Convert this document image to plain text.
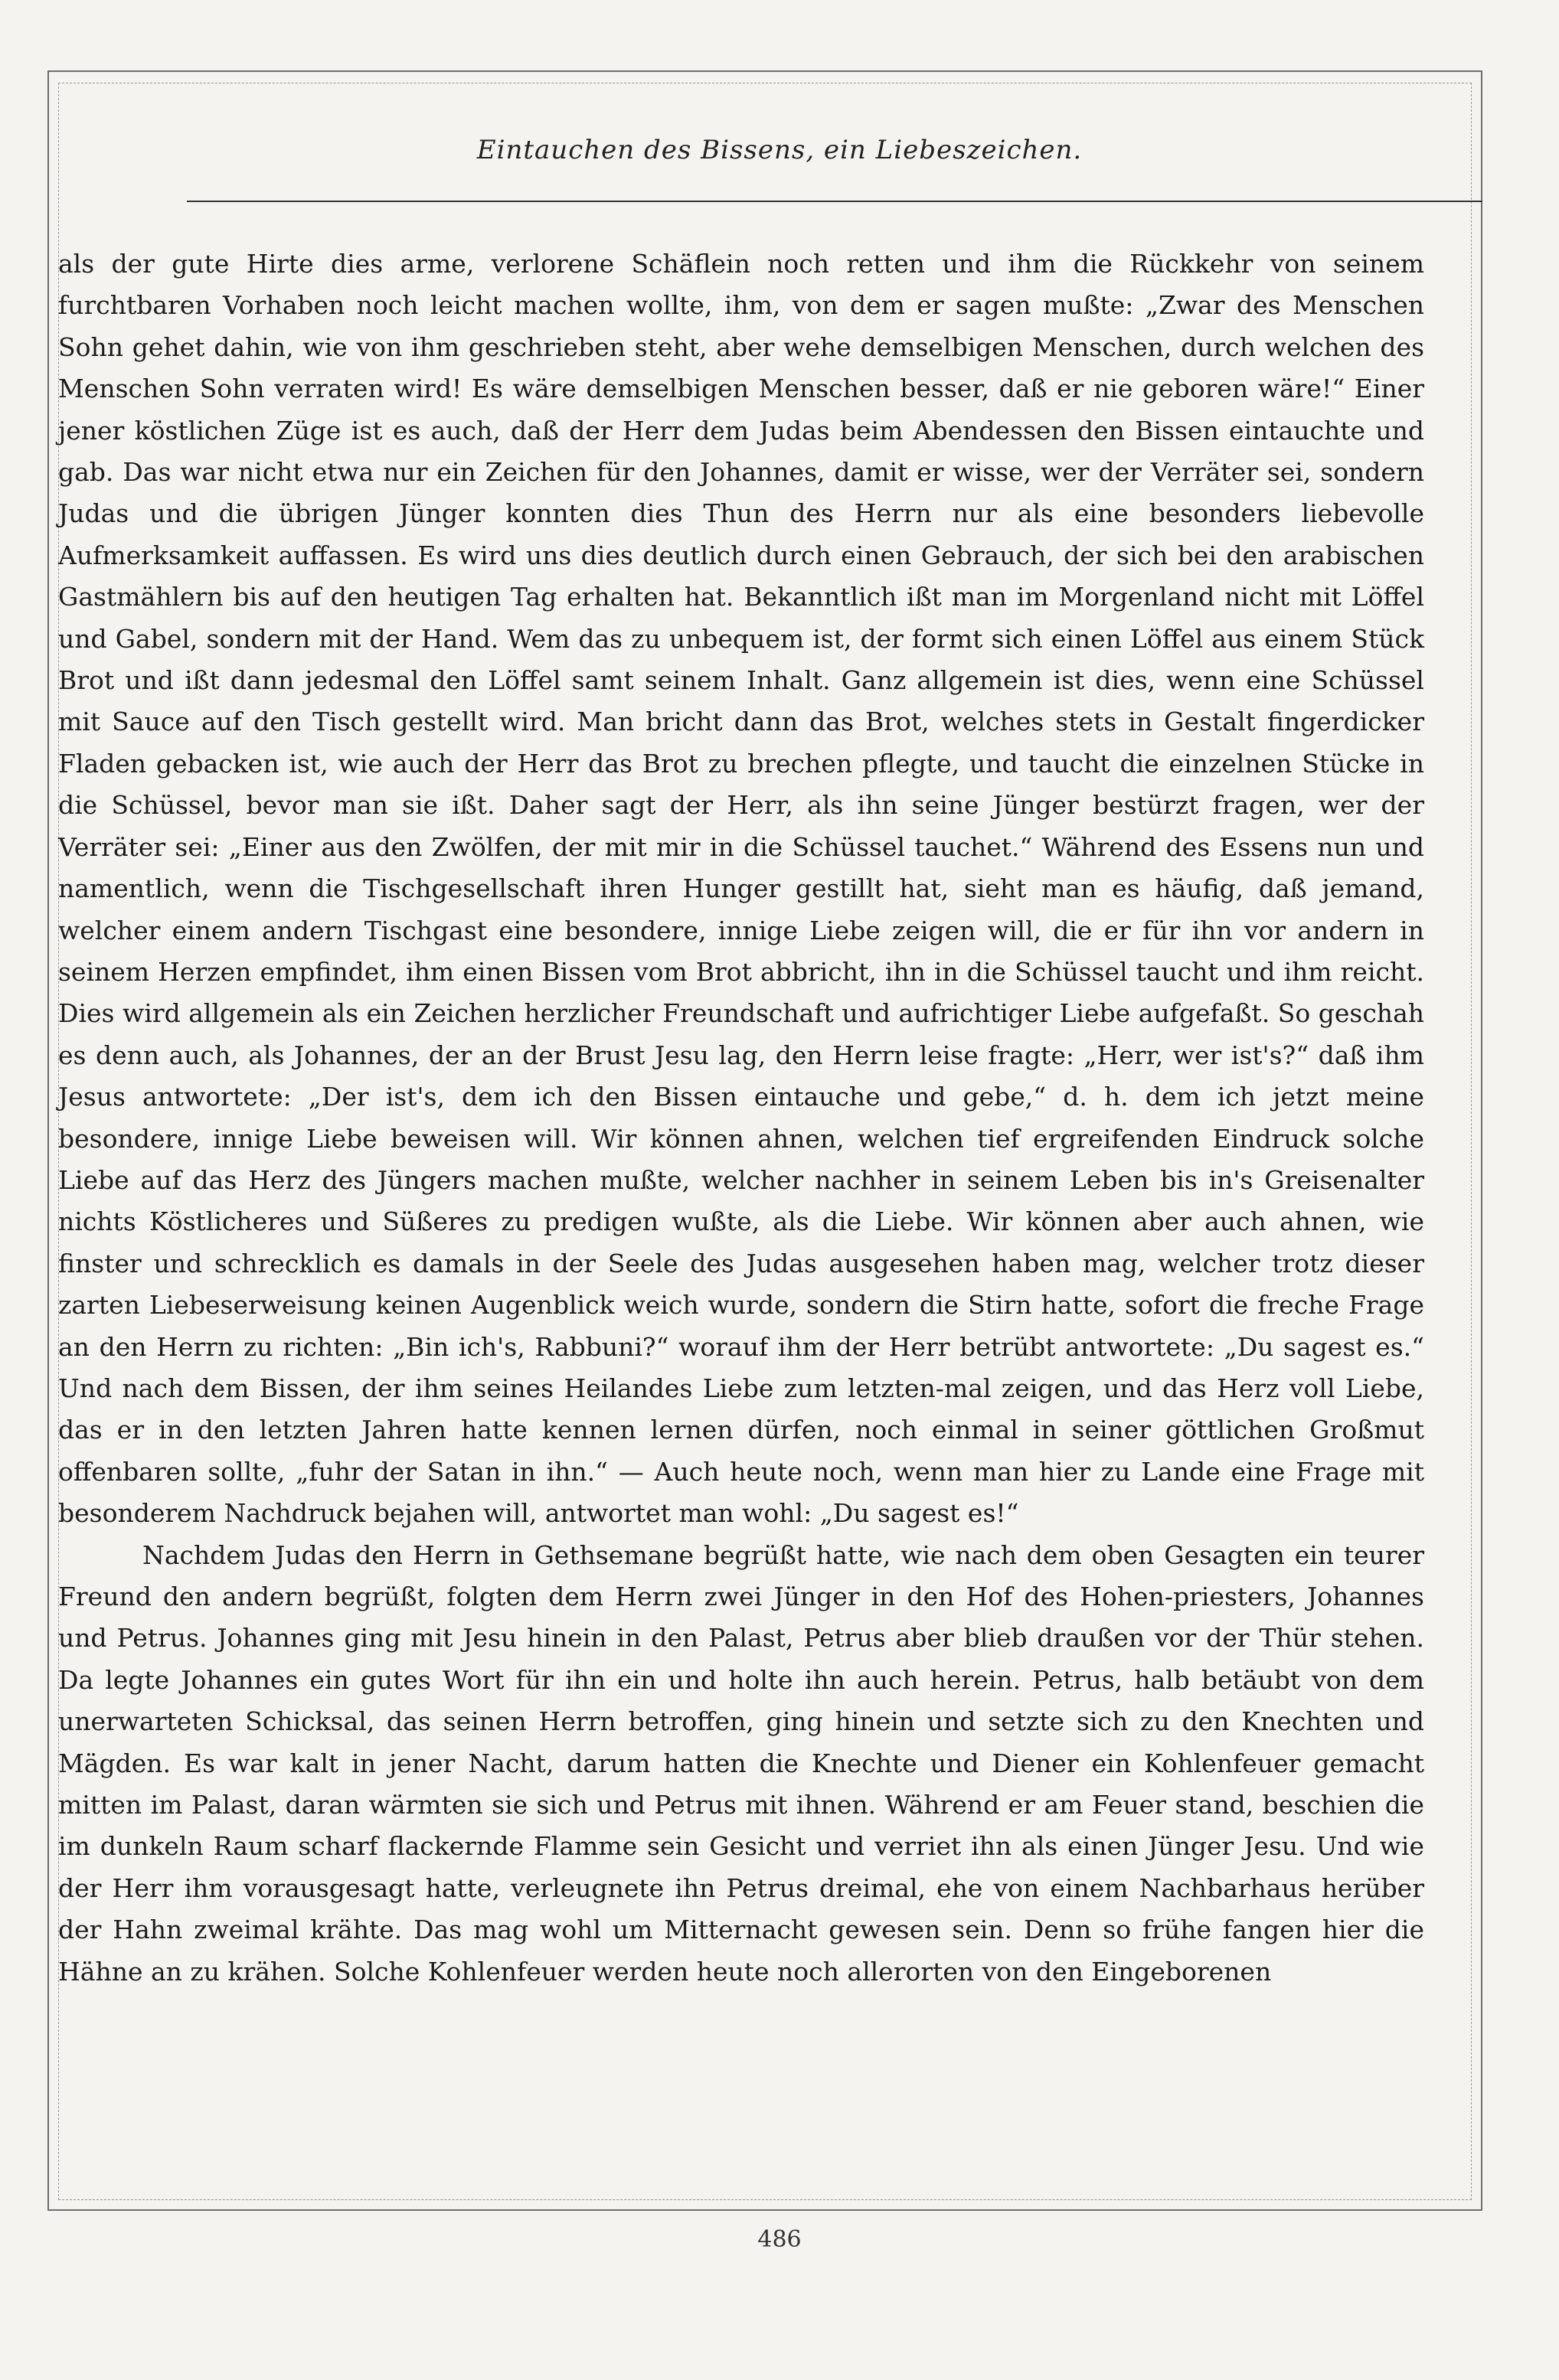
Eintauchen des Bissens, ein Liebeszeichen.

als der gute Hirte dies arme, verlorene Schäflein noch retten und ihm die Rückkehr von seinem furchtbaren Vorhaben noch leicht machen wollte, ihm, von dem er sagen mußte: „Zwar des Menschen Sohn gehet dahin, wie von ihm geschrieben steht, aber wehe demselbigen Menschen, durch welchen des Menschen Sohn verraten wird! Es wäre demselbigen Menschen besser, daß er nie geboren wäre!“ Einer jener köstlichen Züge ist es auch, daß der Herr dem Judas beim Abendessen den Bissen eintauchte und gab. Das war nicht etwa nur ein Zeichen für den Johannes, damit er wisse, wer der Verräter sei, sondern Judas und die übrigen Jünger konnten dies Thun des Herrn nur als eine besonders liebevolle Aufmerksamkeit auffassen. Es wird uns dies deutlich durch einen Gebrauch, der sich bei den arabischen Gastmählern bis auf den heutigen Tag erhalten hat. Bekanntlich ißt man im Morgenland nicht mit Löffel und Gabel, sondern mit der Hand. Wem das zu unbequem ist, der formt sich einen Löffel aus einem Stück Brot und ißt dann jedesmal den Löffel samt seinem Inhalt. Ganz allgemein ist dies, wenn eine Schüssel mit Sauce auf den Tisch gestellt wird. Man bricht dann das Brot, welches stets in Gestalt fingerdicker Fladen gebacken ist, wie auch der Herr das Brot zu brechen pflegte, und taucht die einzelnen Stücke in die Schüssel, bevor man sie ißt. Daher sagt der Herr, als ihn seine Jünger bestürzt fragen, wer der Verräter sei: „Einer aus den Zwölfen, der mit mir in die Schüssel tauchet.“ Während des Essens nun und namentlich, wenn die Tischgesellschaft ihren Hunger gestillt hat, sieht man es häufig, daß jemand, welcher einem andern Tischgast eine besondere, innige Liebe zeigen will, die er für ihn vor andern in seinem Herzen empfindet, ihm einen Bissen vom Brot abbricht, ihn in die Schüssel taucht und ihm reicht. Dies wird allgemein als ein Zeichen herzlicher Freundschaft und aufrichtiger Liebe aufgefaßt. So geschah es denn auch, als Johannes, der an der Brust Jesu lag, den Herrn leise fragte: „Herr, wer ist's?“ daß ihm Jesus antwortete: „Der ist's, dem ich den Bissen eintauche und gebe,“ d. h. dem ich jetzt meine besondere, innige Liebe beweisen will. Wir können ahnen, welchen tief ergreifenden Eindruck solche Liebe auf das Herz des Jüngers machen mußte, welcher nachher in seinem Leben bis in's Greisenalter nichts Köstlicheres und Süßeres zu predigen wußte, als die Liebe. Wir können aber auch ahnen, wie finster und schrecklich es damals in der Seele des Judas ausgesehen haben mag, welcher trotz dieser zarten Liebeserweisung keinen Augenblick weich wurde, sondern die Stirn hatte, sofort die freche Frage an den Herrn zu richten: „Bin ich's, Rabbuni?“ worauf ihm der Herr betrübt antwortete: „Du sagest es.“ Und nach dem Bissen, der ihm seines Heilandes Liebe zum letzten-mal zeigen, und das Herz voll Liebe, das er in den letzten Jahren hatte kennen lernen dürfen, noch einmal in seiner göttlichen Großmut offenbaren sollte, „fuhr der Satan in ihn.“ — Auch heute noch, wenn man hier zu Lande eine Frage mit besonderem Nachdruck bejahen will, antwortet man wohl: „Du sagest es!“

Nachdem Judas den Herrn in Gethsemane begrüßt hatte, wie nach dem oben Gesagten ein teurer Freund den andern begrüßt, folgten dem Herrn zwei Jünger in den Hof des Hohen-priesters, Johannes und Petrus. Johannes ging mit Jesu hinein in den Palast, Petrus aber blieb draußen vor der Thür stehen. Da legte Johannes ein gutes Wort für ihn ein und holte ihn auch herein. Petrus, halb betäubt von dem unerwarteten Schicksal, das seinen Herrn betroffen, ging hinein und setzte sich zu den Knechten und Mägden. Es war kalt in jener Nacht, darum hatten die Knechte und Diener ein Kohlenfeuer gemacht mitten im Palast, daran wärmten sie sich und Petrus mit ihnen. Während er am Feuer stand, beschien die im dunkeln Raum scharf flackernde Flamme sein Gesicht und verriet ihn als einen Jünger Jesu. Und wie der Herr ihm vorausgesagt hatte, verleugnete ihn Petrus dreimal, ehe von einem Nachbarhaus herüber der Hahn zweimal krähte. Das mag wohl um Mitternacht gewesen sein. Denn so frühe fangen hier die Hähne an zu krähen. Solche Kohlenfeuer werden heute noch allerorten von den Eingeborenen

486
